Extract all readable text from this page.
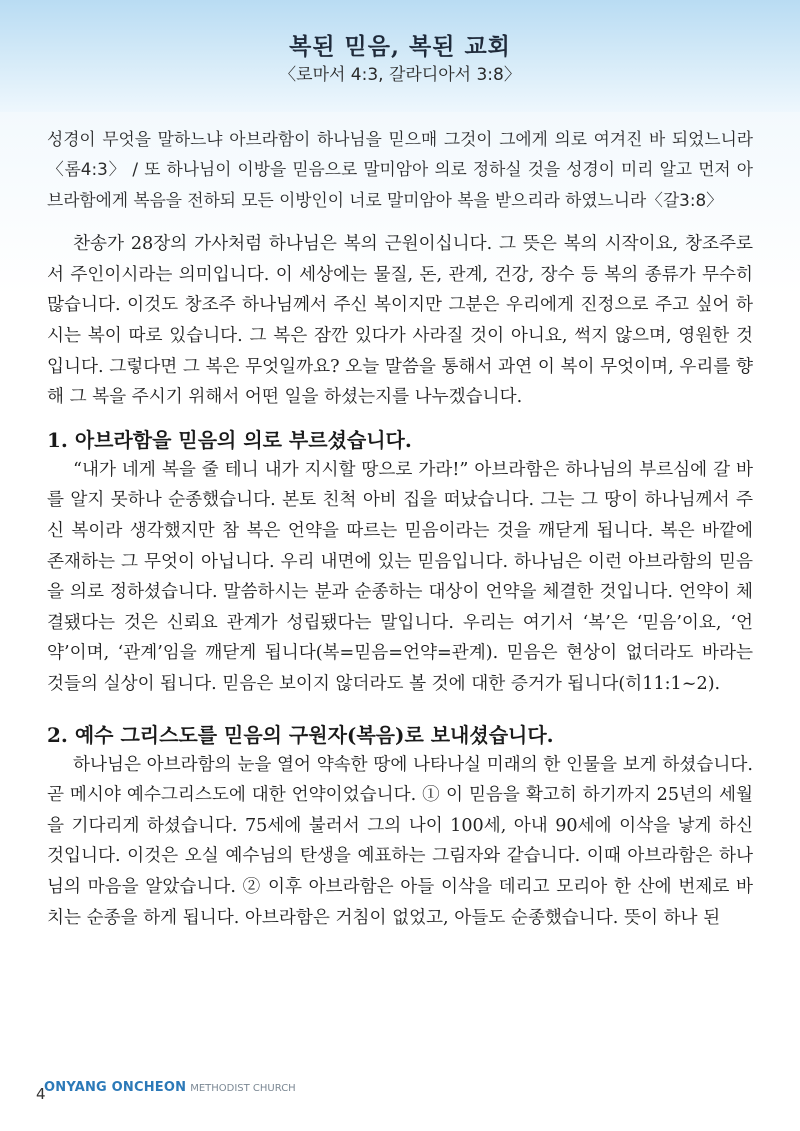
복된 믿음, 복된 교회
〈로마서 4:3, 갈라디아서 3:8〉

성경이 무엇을 말하느냐 아브라함이 하나님을 믿으매 그것이 그에게 의로 여겨진 바 되었느니라〈롬4:3〉 / 또 하나님이 이방을 믿음으로 말미암아 의로 정하실 것을 성경이 미리 알고 먼저 아브라함에게 복음을 전하되 모든 이방인이 너로 말미암아 복을 받으리라 하였느니라〈갈3:8〉

찬송가 28장의 가사처럼 하나님은 복의 근원이십니다. 그 뜻은 복의 시작이요, 창조주로서 주인이시라는 의미입니다. 이 세상에는 물질, 돈, 관계, 건강, 장수 등 복의 종류가 무수히 많습니다. 이것도 창조주 하나님께서 주신 복이지만 그분은 우리에게 진정으로 주고 싶어 하시는 복이 따로 있습니다. 그 복은 잠깐 있다가 사라질 것이 아니요, 썩지 않으며, 영원한 것입니다. 그렇다면 그 복은 무엇일까요? 오늘 말씀을 통해서 과연 이 복이 무엇이며, 우리를 향해 그 복을 주시기 위해서 어떤 일을 하셨는지를 나누겠습니다.

1. 아브라함을 믿음의 의로 부르셨습니다.

“내가 네게 복을 줄 테니 내가 지시할 땅으로 가라!” 아브라함은 하나님의 부르심에 갈 바를 알지 못하나 순종했습니다. 본토 친척 아비 집을 떠났습니다. 그는 그 땅이 하나님께서 주신 복이라 생각했지만 참 복은 언약을 따르는 믿음이라는 것을 깨닫게 됩니다. 복은 바깥에 존재하는 그 무엇이 아닙니다. 우리 내면에 있는 믿음입니다. 하나님은 이런 아브라함의 믿음을 의로 정하셨습니다. 말씀하시는 분과 순종하는 대상이 언약을 체결한 것입니다. 언약이 체결됐다는 것은 신뢰요 관계가 성립됐다는 말입니다. 우리는 여기서 ‘복’은 ‘믿음’이요, ‘언약’이며, ‘관계’임을 깨닫게 됩니다(복=믿음=언약=관계). 믿음은 현상이 없더라도 바라는 것들의 실상이 됩니다. 믿음은 보이지 않더라도 볼 것에 대한 증거가 됩니다(히11:1~2).

2. 예수 그리스도를 믿음의 구원자(복음)로 보내셨습니다.

하나님은 아브라함의 눈을 열어 약속한 땅에 나타나실 미래의 한 인물을 보게 하셨습니다. 곧 메시야 예수그리스도에 대한 언약이었습니다. ① 이 믿음을 확고히 하기까지 25년의 세월을 기다리게 하셨습니다. 75세에 불러서 그의 나이 100세, 아내 90세에 이삭을 낳게 하신 것입니다. 이것은 오실 예수님의 탄생을 예표하는 그림자와 같습니다. 이때 아브라함은 하나님의 마음을 알았습니다. ② 이후 아브라함은 아들 이삭을 데리고 모리아 한 산에 번제로 바치는 순종을 하게 됩니다. 아브라함은 거침이 없었고, 아들도 순종했습니다. 뜻이 하나 된

ONYANG ONCHEON METHODIST CHURCH
4
